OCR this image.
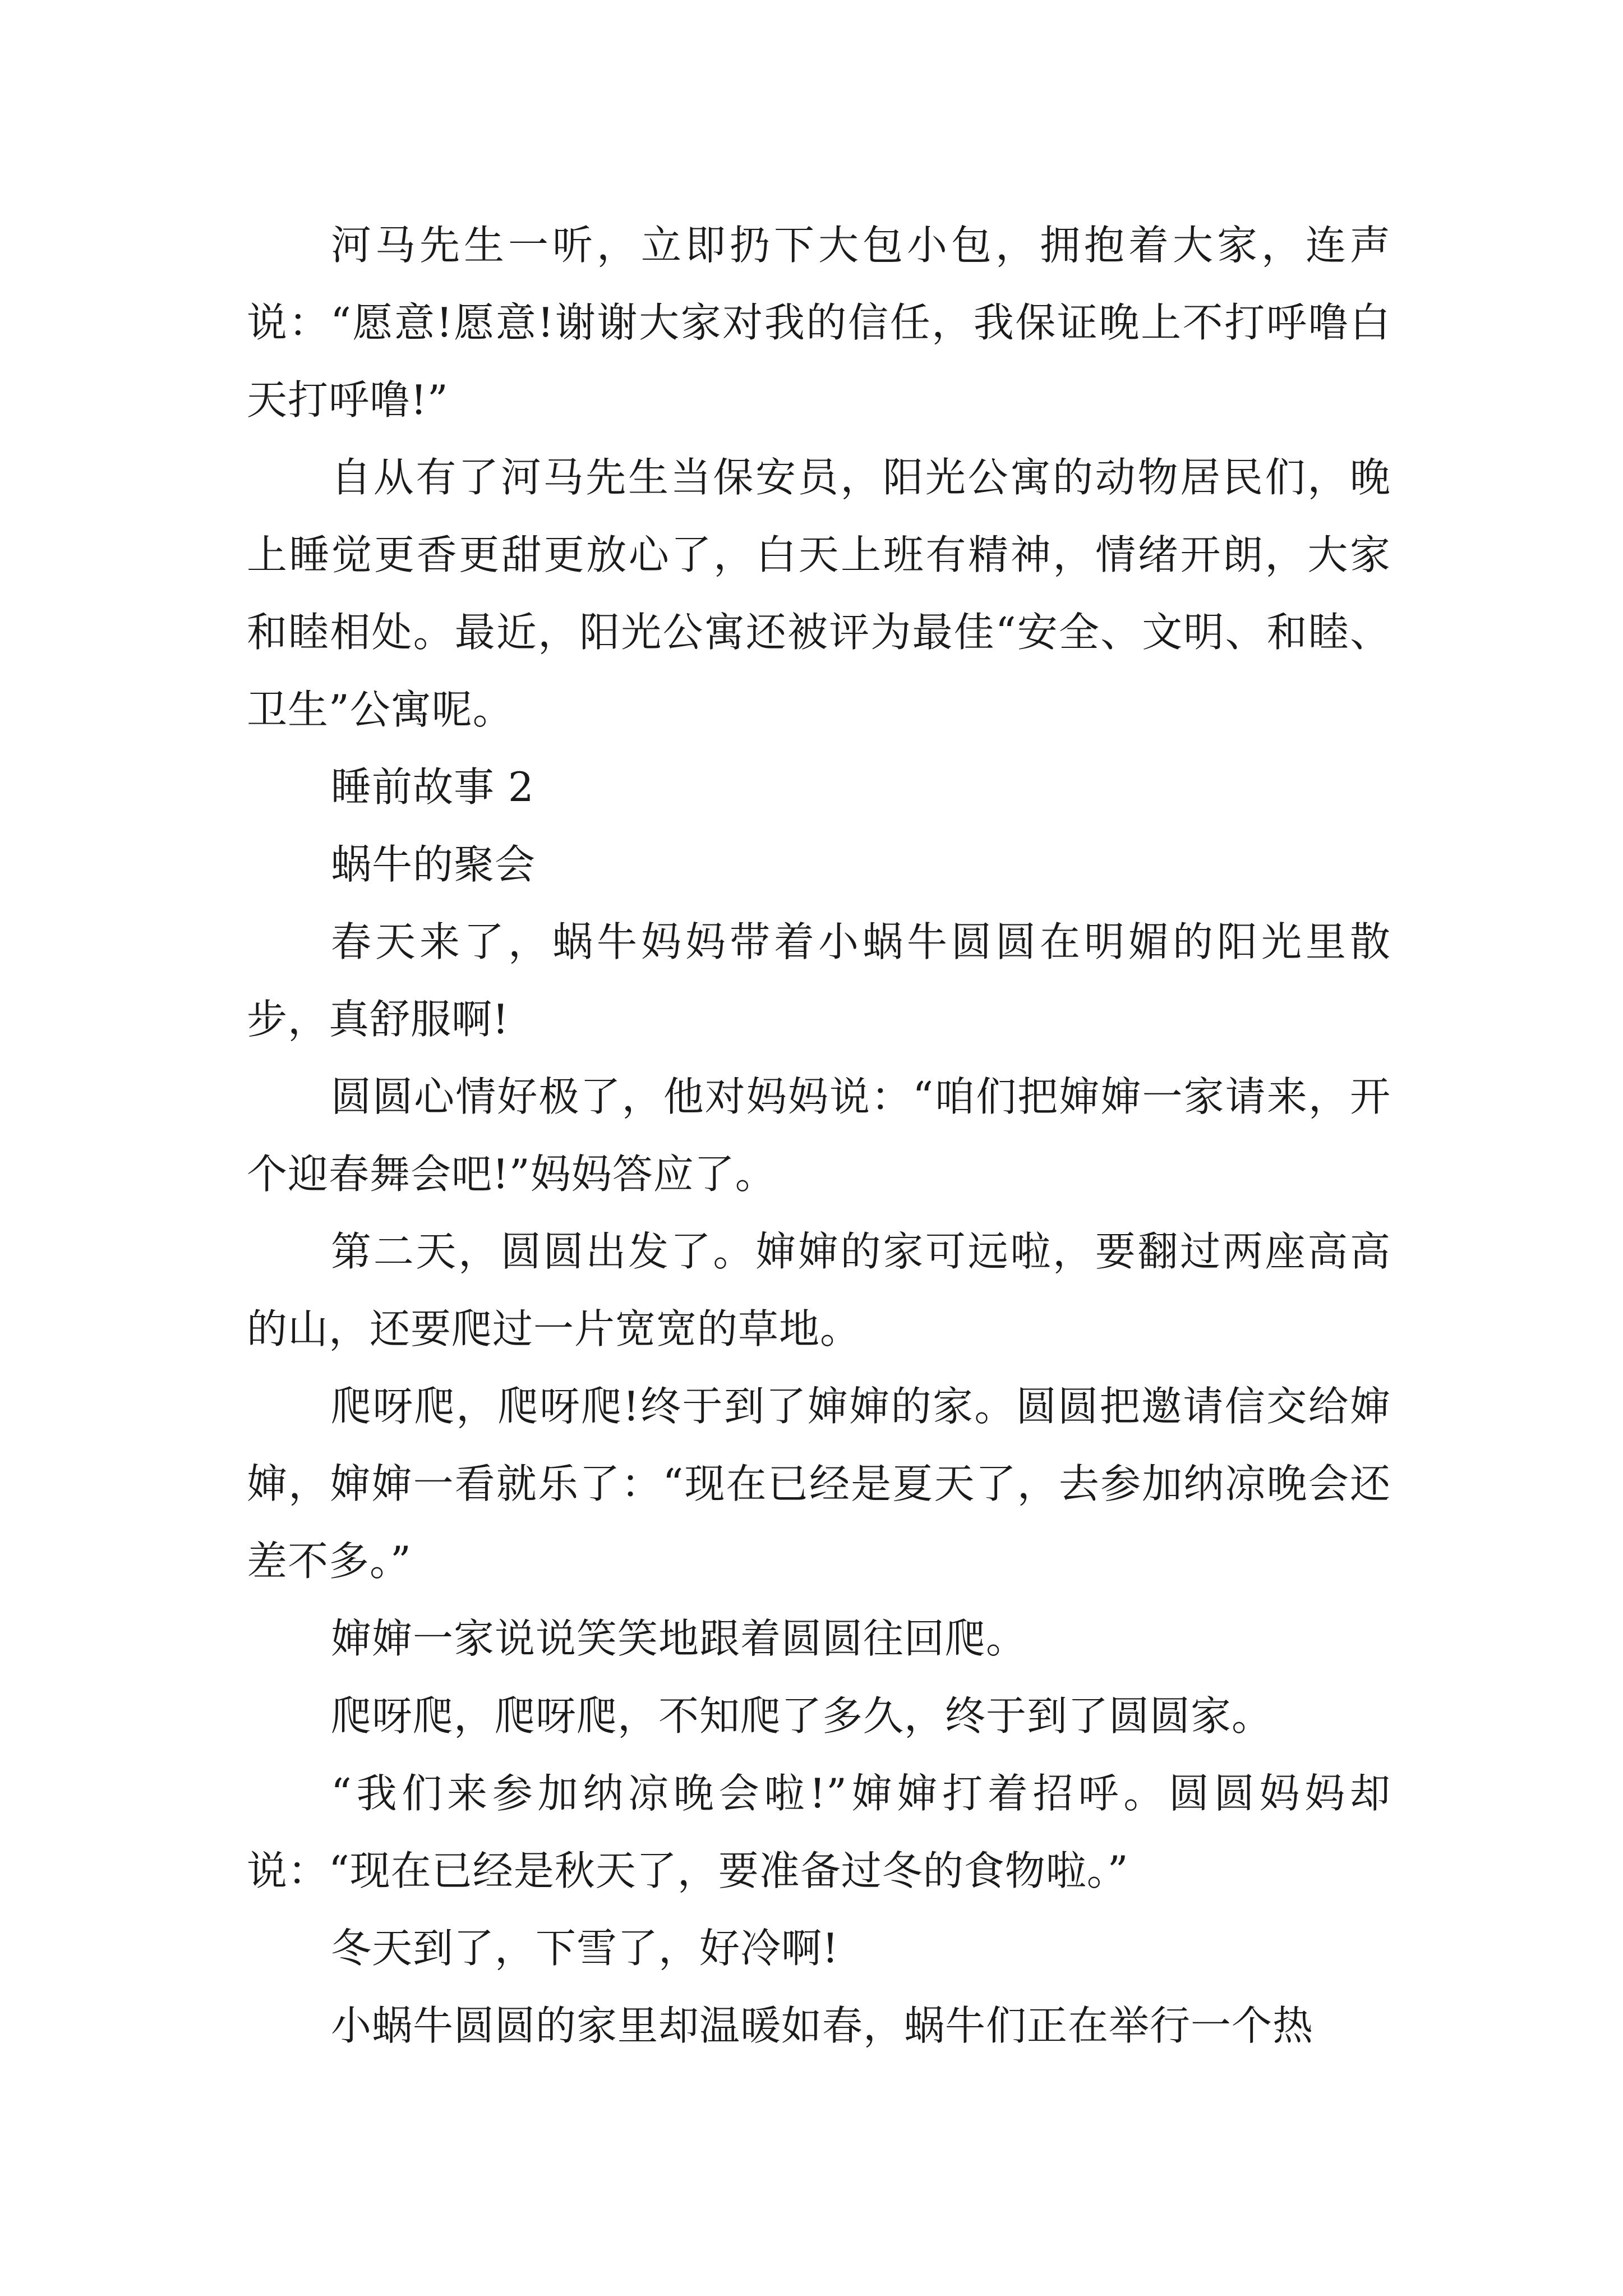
河马先生一听，立即扔下大包小包，拥抱着大家，连声说：“愿意!愿意!谢谢大家对我的信任，我保证晚上不打呼噜白天打呼噜!”

自从有了河马先生当保安员，阳光公寓的动物居民们，晚上睡觉更香更甜更放心了，白天上班有精神，情绪开朗，大家和睦相处。最近，阳光公寓还被评为最佳“安全、文明、和睦、卫生”公寓呢。

睡前故事 2

蜗牛的聚会

春天来了，蜗牛妈妈带着小蜗牛圆圆在明媚的阳光里散步，真舒服啊!

圆圆心情好极了，他对妈妈说：“咱们把婶婶一家请来，开个迎春舞会吧!”妈妈答应了。

第二天，圆圆出发了。婶婶的家可远啦，要翻过两座高高的山，还要爬过一片宽宽的草地。

爬呀爬，爬呀爬!终于到了婶婶的家。圆圆把邀请信交给婶婶，婶婶一看就乐了：“现在已经是夏天了，去参加纳凉晚会还差不多。”

婶婶一家说说笑笑地跟着圆圆往回爬。

爬呀爬，爬呀爬，不知爬了多久，终于到了圆圆家。

“我们来参加纳凉晚会啦!”婶婶打着招呼。圆圆妈妈却说：“现在已经是秋天了，要准备过冬的食物啦。”

冬天到了，下雪了，好冷啊!

小蜗牛圆圆的家里却温暖如春，蜗牛们正在举行一个热
